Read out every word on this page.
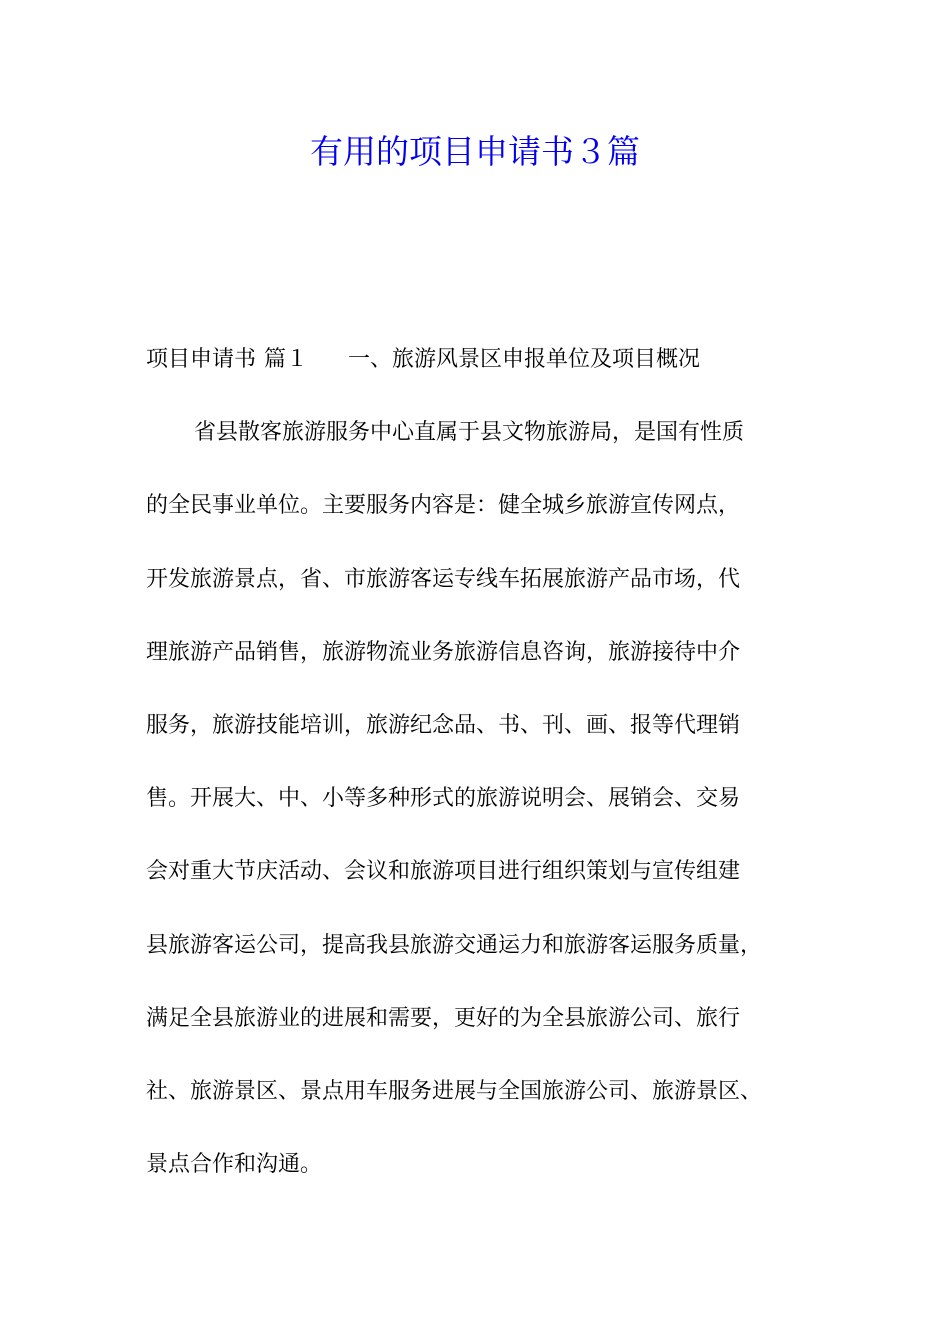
有用的项目申请书３篇
项目申请书 篇１ 一、旅游风景区申报单位及项目概况
省县散客旅游服务中心直属于县文物旅游局，是国有性质
的全民事业单位。主要服务内容是：健全城乡旅游宣传网点，
开发旅游景点，省、市旅游客运专线车拓展旅游产品市场，代
理旅游产品销售，旅游物流业务旅游信息咨询，旅游接待中介
服务，旅游技能培训，旅游纪念品、书、刊、画、报等代理销
售。开展大、中、小等多种形式的旅游说明会、展销会、交易
会对重大节庆活动、会议和旅游项目进行组织策划与宣传组建
县旅游客运公司，提高我县旅游交通运力和旅游客运服务质量，
满足全县旅游业的进展和需要，更好的为全县旅游公司、旅行
社、旅游景区、景点用车服务进展与全国旅游公司、旅游景区、
景点合作和沟通。
